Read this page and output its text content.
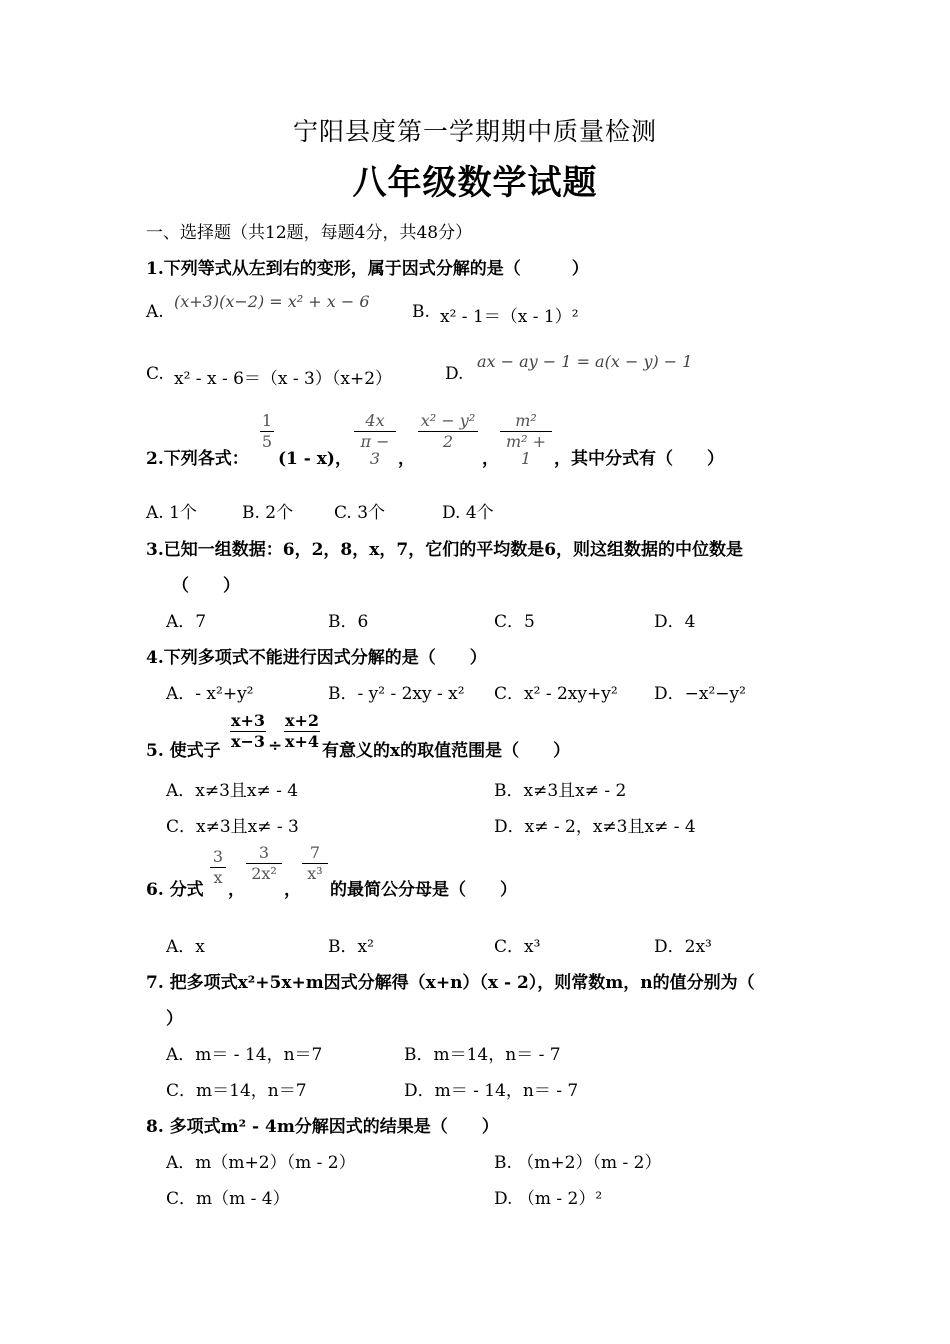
宁阳县度第一学期期中质量检测
八年级数学试题
一、选择题（共12题，每题4分，共48分）
1.下列等式从左到右的变形，属于因式分解的是（　　　）
A.
(x+3)(x−2) = x² + x − 6
B. x² - 1＝（x - 1）²
C. x² - x - 6＝（x - 3）（x+2）	D.
ax − ay − 1 = a(x − y) − 1
2.下列各式：
1
5
(1 - x)，
4x
π − 3	，
x² − y²
2
，
m²
m² + 1	，其中分式有（　　）
A. 1个	B. 2个 C. 3个	D. 4个
3.已知一组数据：6，2，8，x，7，它们的平均数是6，则这组数据的中位数是
（　　）
A．7	B．6	C．5	D．4
4.下列多项式不能进行因式分解的是（　　）
A．- x²+y²	B．- y² - 2xy - x² C．x² - 2xy+y² D．−x²−y²
5. 使式子
x+3
x−3 ÷
x+2
x+4 有意义的x的取值范围是（　　）
A．x≠3且x≠ - 4	B．x≠3且x≠ - 2
C．x≠3且x≠ - 3	D．x≠ - 2，x≠3且x≠ - 4
6. 分式
3
x
，
3
2x²
，
7
x³
的最简公分母是（　　）
A．x	B．x²	C．x³	D．2x³
7. 把多项式x²+5x+m因式分解得（x+n）（x - 2），则常数m，n的值分别为（
）
A．m＝ - 14，n＝7	B．m＝14，n＝ - 7
C．m＝14，n＝7	D．m＝ - 14，n＝ - 7
8. 多项式m² - 4m分解因式的结果是（　　）
A．m（m+2）（m - 2）	B. （m+2）（m - 2）
C．m（m - 4）	D. （m - 2）²
